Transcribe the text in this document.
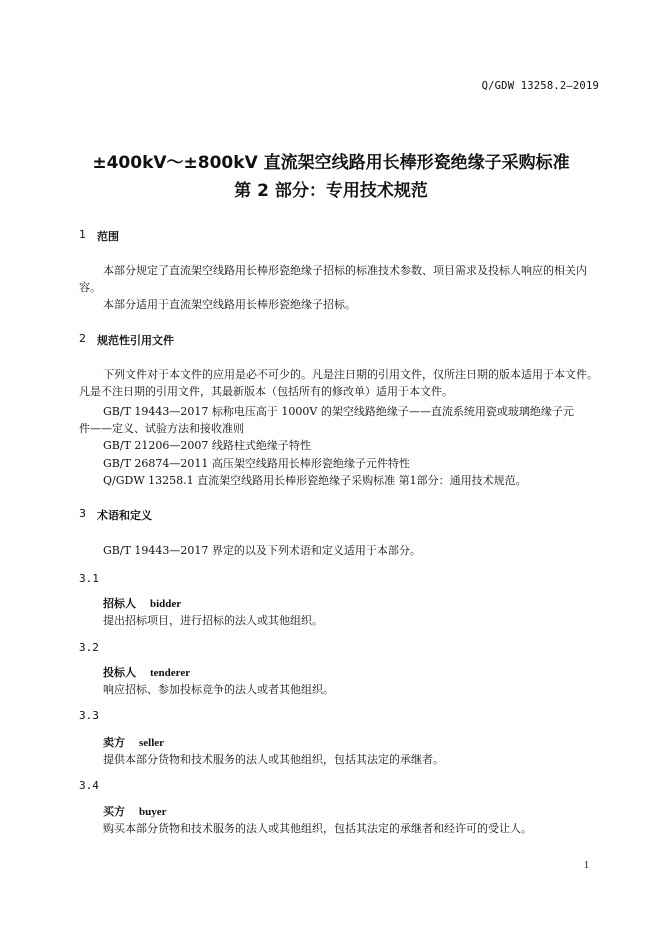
Q/GDW 13258.2—2019
±400kV～±800kV 直流架空线路用长棒形瓷绝缘子采购标准
第 2 部分：专用技术规范
1 范围
本部分规定了直流架空线路用长棒形瓷绝缘子招标的标准技术参数、项目需求及投标人响应的相关内容。
本部分适用于直流架空线路用长棒形瓷绝缘子招标。
2 规范性引用文件
下列文件对于本文件的应用是必不可少的。凡是注日期的引用文件，仅所注日期的版本适用于本文件。凡是不注日期的引用文件，其最新版本（包括所有的修改单）适用于本文件。
GB/T 19443—2017 标称电压高于 1000V 的架空线路绝缘子——直流系统用瓷或玻璃绝缘子元
件——定义、试验方法和接收准则
GB/T 21206—2007 线路柱式绝缘子特性
GB/T 26874—2011 高压架空线路用长棒形瓷绝缘子元件特性
Q/GDW 13258.1 直流架空线路用长棒形瓷绝缘子采购标准 第1部分：通用技术规范。
3 术语和定义
GB/T 19443—2017 界定的以及下列术语和定义适用于本部分。
3.1
招标人 bidder
提出招标项目，进行招标的法人或其他组织。
3.2
投标人 tenderer
响应招标、参加投标竞争的法人或者其他组织。
3.3
卖方 seller
提供本部分货物和技术服务的法人或其他组织，包括其法定的承继者。
3.4
买方 buyer
购买本部分货物和技术服务的法人或其他组织，包括其法定的承继者和经许可的受让人。
1
